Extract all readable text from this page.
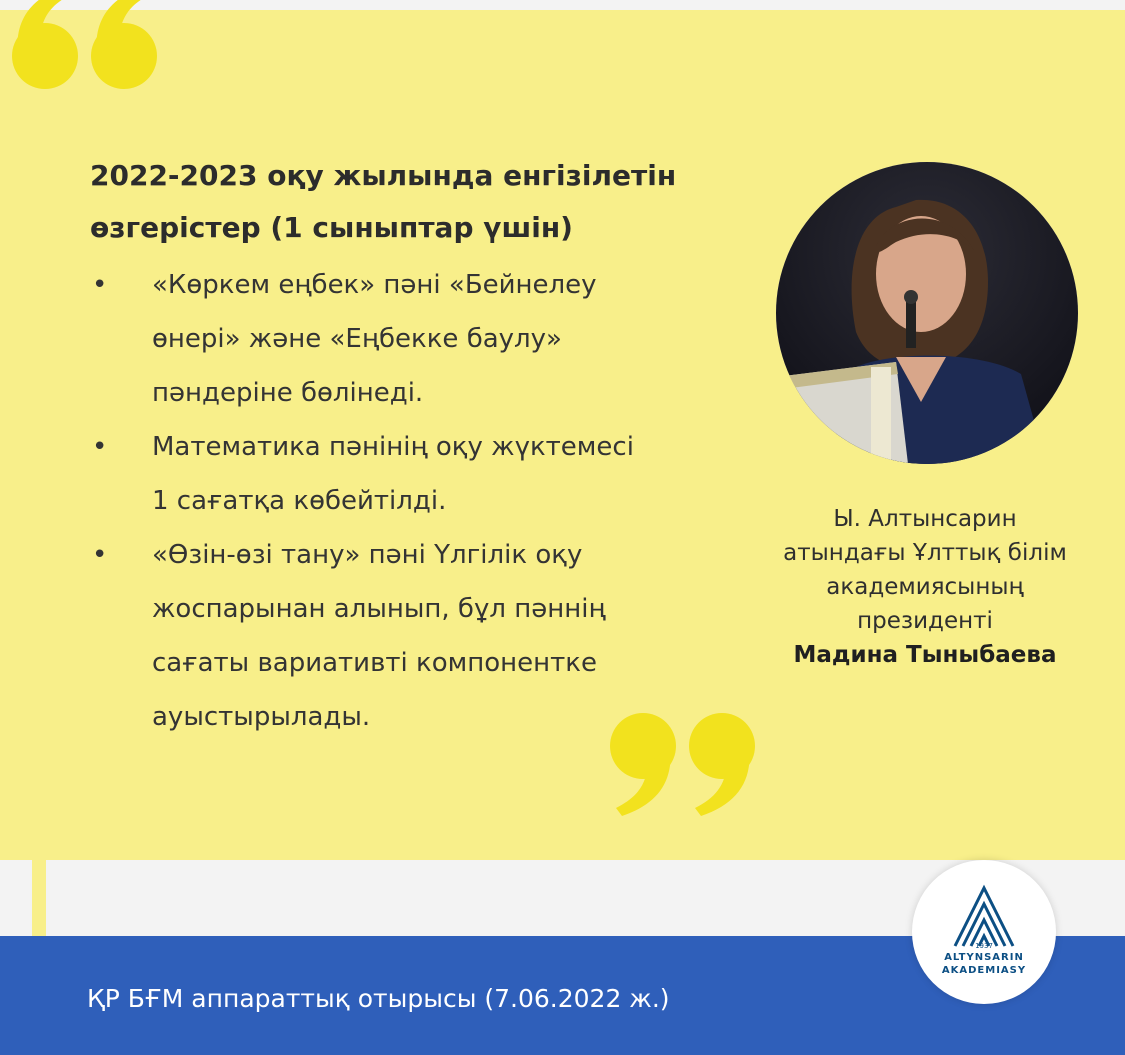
2022-2023 оқу жылында енгізілетін
өзгерістер (1 сыныптар үшін)
• «Көркем еңбек» пәні «Бейнелеу
өнері» және «Еңбекке баулу»
пәндеріне бөлінеді.
• Математика пәнінің оқу жүктемесі
1 сағатқа көбейтілді.
• «Өзін-өзі тану» пәні Үлгілік оқу
жоспарынан алынып, бұл пәннің
сағаты вариативті компонентке
ауыстырылады.
Ы. Алтынсарин
атындағы Ұлттық білім
академиясының
президенті
Мадина Тыныбаева
ҚР БҒМ аппараттық отырысы (7.06.2022 ж.)
1937
ALTYNSARIN
AKADEMIASY
